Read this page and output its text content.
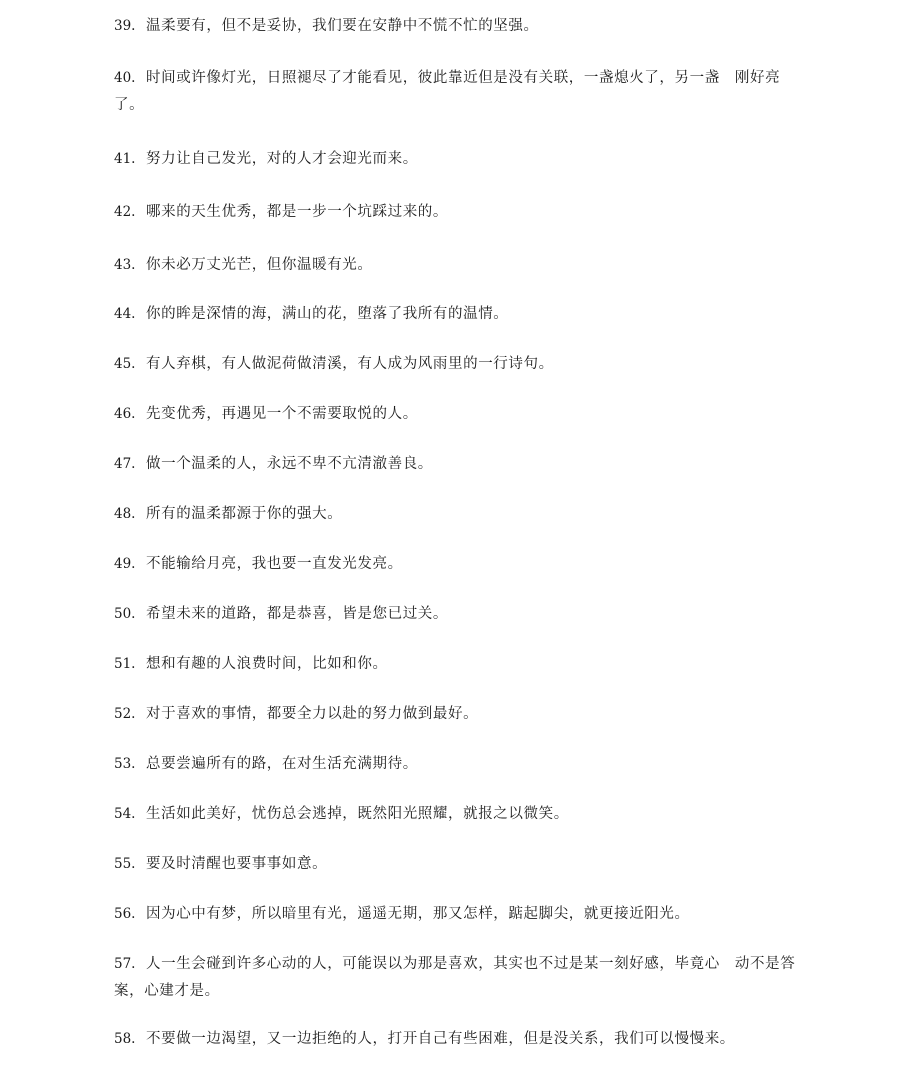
39. 温柔要有，但不是妥协，我们要在安静中不慌不忙的坚强。

40. 时间或许像灯光，日照褪尽了才能看见，彼此靠近但是没有关联，一盏熄火了，另一盏　刚好亮了。

41. 努力让自己发光，对的人才会迎光而来。

42. 哪来的天生优秀，都是一步一个坑踩过来的。

43. 你未必万丈光芒，但你温暖有光。

44. 你的眸是深情的海，满山的花，堕落了我所有的温情。

45. 有人弃棋，有人做泥荷做清溪，有人成为风雨里的一行诗句。

46. 先变优秀，再遇见一个不需要取悦的人。

47. 做一个温柔的人，永远不卑不亢清澈善良。

48. 所有的温柔都源于你的强大。

49. 不能输给月亮，我也要一直发光发亮。

50. 希望未来的道路，都是恭喜，皆是您已过关。

51. 想和有趣的人浪费时间，比如和你。

52. 对于喜欢的事情，都要全力以赴的努力做到最好。

53. 总要尝遍所有的路，在对生活充满期待。

54. 生活如此美好，忧伤总会逃掉，既然阳光照耀，就报之以微笑。

55. 要及时清醒也要事事如意。

56. 因为心中有梦，所以暗里有光，遥遥无期，那又怎样，踮起脚尖，就更接近阳光。

57. 人一生会碰到许多心动的人，可能误以为那是喜欢，其实也不过是某一刻好感，毕竟心　动不是答案，心建才是。

58. 不要做一边渴望，又一边拒绝的人，打开自己有些困难，但是没关系，我们可以慢慢来。
